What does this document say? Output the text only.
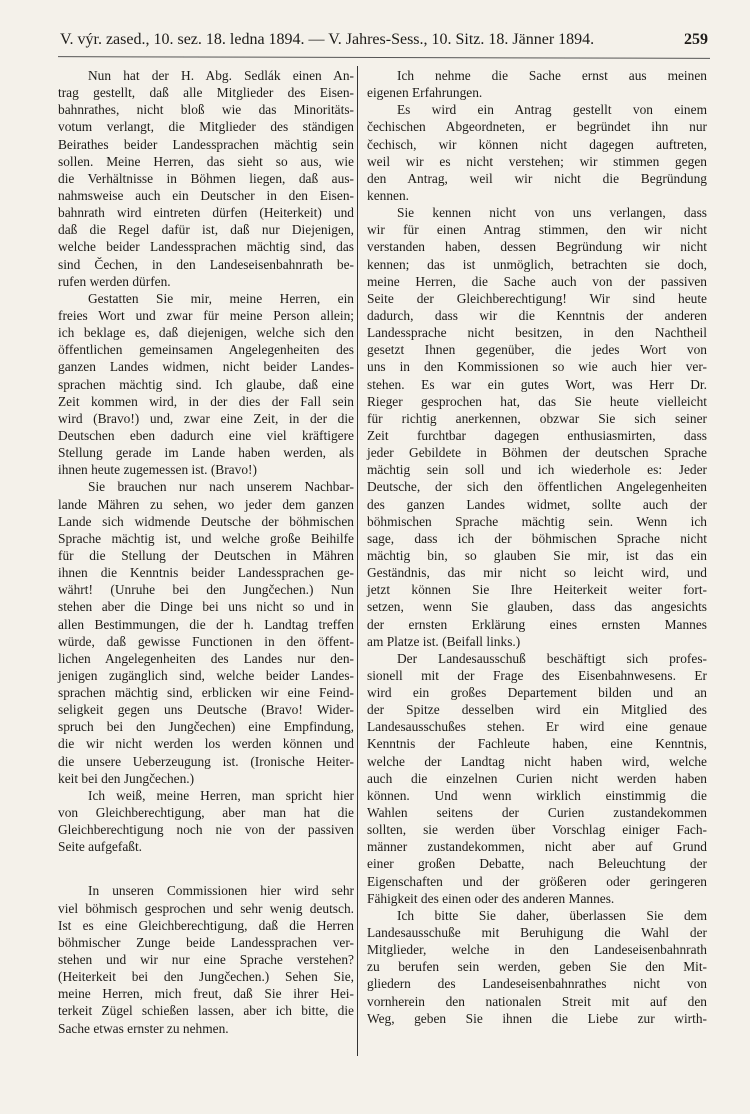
V. výr. zased., 10. sez. 18. ledna 1894. — V. Jahres-Sess., 10. Sitz. 18. Jänner 1894.	259
Nun hat der H. Abg. Sedlák einen An-
trag gestellt, daß alle Mitglieder des Eisen-
bahnrathes, nicht bloß wie das Minoritäts-
votum verlangt, die Mitglieder des ständigen
Beirathes beider Landessprachen mächtig sein
sollen. Meine Herren, das sieht so aus, wie
die Verhältnisse in Böhmen liegen, daß aus-
nahmsweise auch ein Deutscher in den Eisen-
bahnrath wird eintreten dürfen (Heiterkeit) und
daß die Regel dafür ist, daß nur Diejenigen,
welche beider Landessprachen mächtig sind, das
sind Čechen, in den Landeseisenbahnrath be-
rufen werden dürfen.
Gestatten Sie mir, meine Herren, ein
freies Wort und zwar für meine Person allein;
ich beklage es, daß diejenigen, welche sich den
öffentlichen gemeinsamen Angelegenheiten des
ganzen Landes widmen, nicht beider Landes-
sprachen mächtig sind. Ich glaube, daß eine
Zeit kommen wird, in der dies der Fall sein
wird (Bravo!) und, zwar eine Zeit, in der die
Deutschen eben dadurch eine viel kräftigere
Stellung gerade im Lande haben werden, als
ihnen heute zugemessen ist. (Bravo!)
Sie brauchen nur nach unserem Nachbar-
lande Mähren zu sehen, wo jeder dem ganzen
Lande sich widmende Deutsche der böhmischen
Sprache mächtig ist, und welche große Beihilfe
für die Stellung der Deutschen in Mähren
ihnen die Kenntnis beider Landessprachen ge-
währt! (Unruhe bei den Jungčechen.) Nun
stehen aber die Dinge bei uns nicht so und in
allen Bestimmungen, die der h. Landtag treffen
würde, daß gewisse Functionen in den öffent-
lichen Angelegenheiten des Landes nur den-
jenigen zugänglich sind, welche beider Landes-
sprachen mächtig sind, erblicken wir eine Feind-
seligkeit gegen uns Deutsche (Bravo! Wider-
spruch bei den Jungčechen) eine Empfindung,
die wir nicht werden los werden können und
die unsere Ueberzeugung ist. (Ironische Heiter-
keit bei den Jungčechen.)
Ich weiß, meine Herren, man spricht hier
von Gleichberechtigung, aber man hat die
Gleichberechtigung noch nie von der passiven
Seite aufgefaßt.
In unseren Commissionen hier wird sehr
viel böhmisch gesprochen und sehr wenig deutsch.
Ist es eine Gleichberechtigung, daß die Herren
böhmischer Zunge beide Landessprachen ver-
stehen und wir nur eine Sprache verstehen?
(Heiterkeit bei den Jungčechen.) Sehen Sie,
meine Herren, mich freut, daß Sie ihrer Hei-
terkeit Zügel schießen lassen, aber ich bitte, die
Sache etwas ernster zu nehmen.
Ich nehme die Sache ernst aus meinen
eigenen Erfahrungen.
Es wird ein Antrag gestellt von einem
čechischen Abgeordneten, er begründet ihn nur
čechisch, wir können nicht dagegen auftreten,
weil wir es nicht verstehen; wir stimmen gegen
den Antrag, weil wir nicht die Begründung
kennen.
Sie kennen nicht von uns verlangen, dass
wir für einen Antrag stimmen, den wir nicht
verstanden haben, dessen Begründung wir nicht
kennen; das ist unmöglich, betrachten sie doch,
meine Herren, die Sache auch von der passiven
Seite der Gleichberechtigung! Wir sind heute
dadurch, dass wir die Kenntnis der anderen
Landessprache nicht besitzen, in den Nachtheil
gesetzt Ihnen gegenüber, die jedes Wort von
uns in den Kommissionen so wie auch hier ver-
stehen. Es war ein gutes Wort, was Herr Dr.
Rieger gesprochen hat, das Sie heute vielleicht
für richtig anerkennen, obzwar Sie sich seiner
Zeit furchtbar dagegen enthusiasmirten, dass
jeder Gebildete in Böhmen der deutschen Sprache
mächtig sein soll und ich wiederhole es: Jeder
Deutsche, der sich den öffentlichen Angelegenheiten
des ganzen Landes widmet, sollte auch der
böhmischen Sprache mächtig sein. Wenn ich
sage, dass ich der böhmischen Sprache nicht
mächtig bin, so glauben Sie mir, ist das ein
Geständnis, das mir nicht so leicht wird, und
jetzt können Sie Ihre Heiterkeit weiter fort-
setzen, wenn Sie glauben, dass das angesichts
der ernsten Erklärung eines ernsten Mannes
am Platze ist. (Beifall links.)
Der Landesausschuß beschäftigt sich profes-
sionell mit der Frage des Eisenbahnwesens. Er
wird ein großes Departement bilden und an
der Spitze desselben wird ein Mitglied des
Landesausschußes stehen. Er wird eine genaue
Kenntnis der Fachleute haben, eine Kenntnis,
welche der Landtag nicht haben wird, welche
auch die einzelnen Curien nicht werden haben
können. Und wenn wirklich einstimmig die
Wahlen seitens der Curien zustandekommen
sollten, sie werden über Vorschlag einiger Fach-
männer zustandekommen, nicht aber auf Grund
einer großen Debatte, nach Beleuchtung der
Eigenschaften und der größeren oder geringeren
Fähigkeit des einen oder des anderen Mannes.
Ich bitte Sie daher, überlassen Sie dem
Landesausschuße mit Beruhigung die Wahl der
Mitglieder, welche in den Landeseisenbahnrath
zu berufen sein werden, geben Sie den Mit-
gliedern des Landeseisenbahnrathes nicht von
vornherein den nationalen Streit mit auf den
Weg, geben Sie ihnen die Liebe zur wirth-
